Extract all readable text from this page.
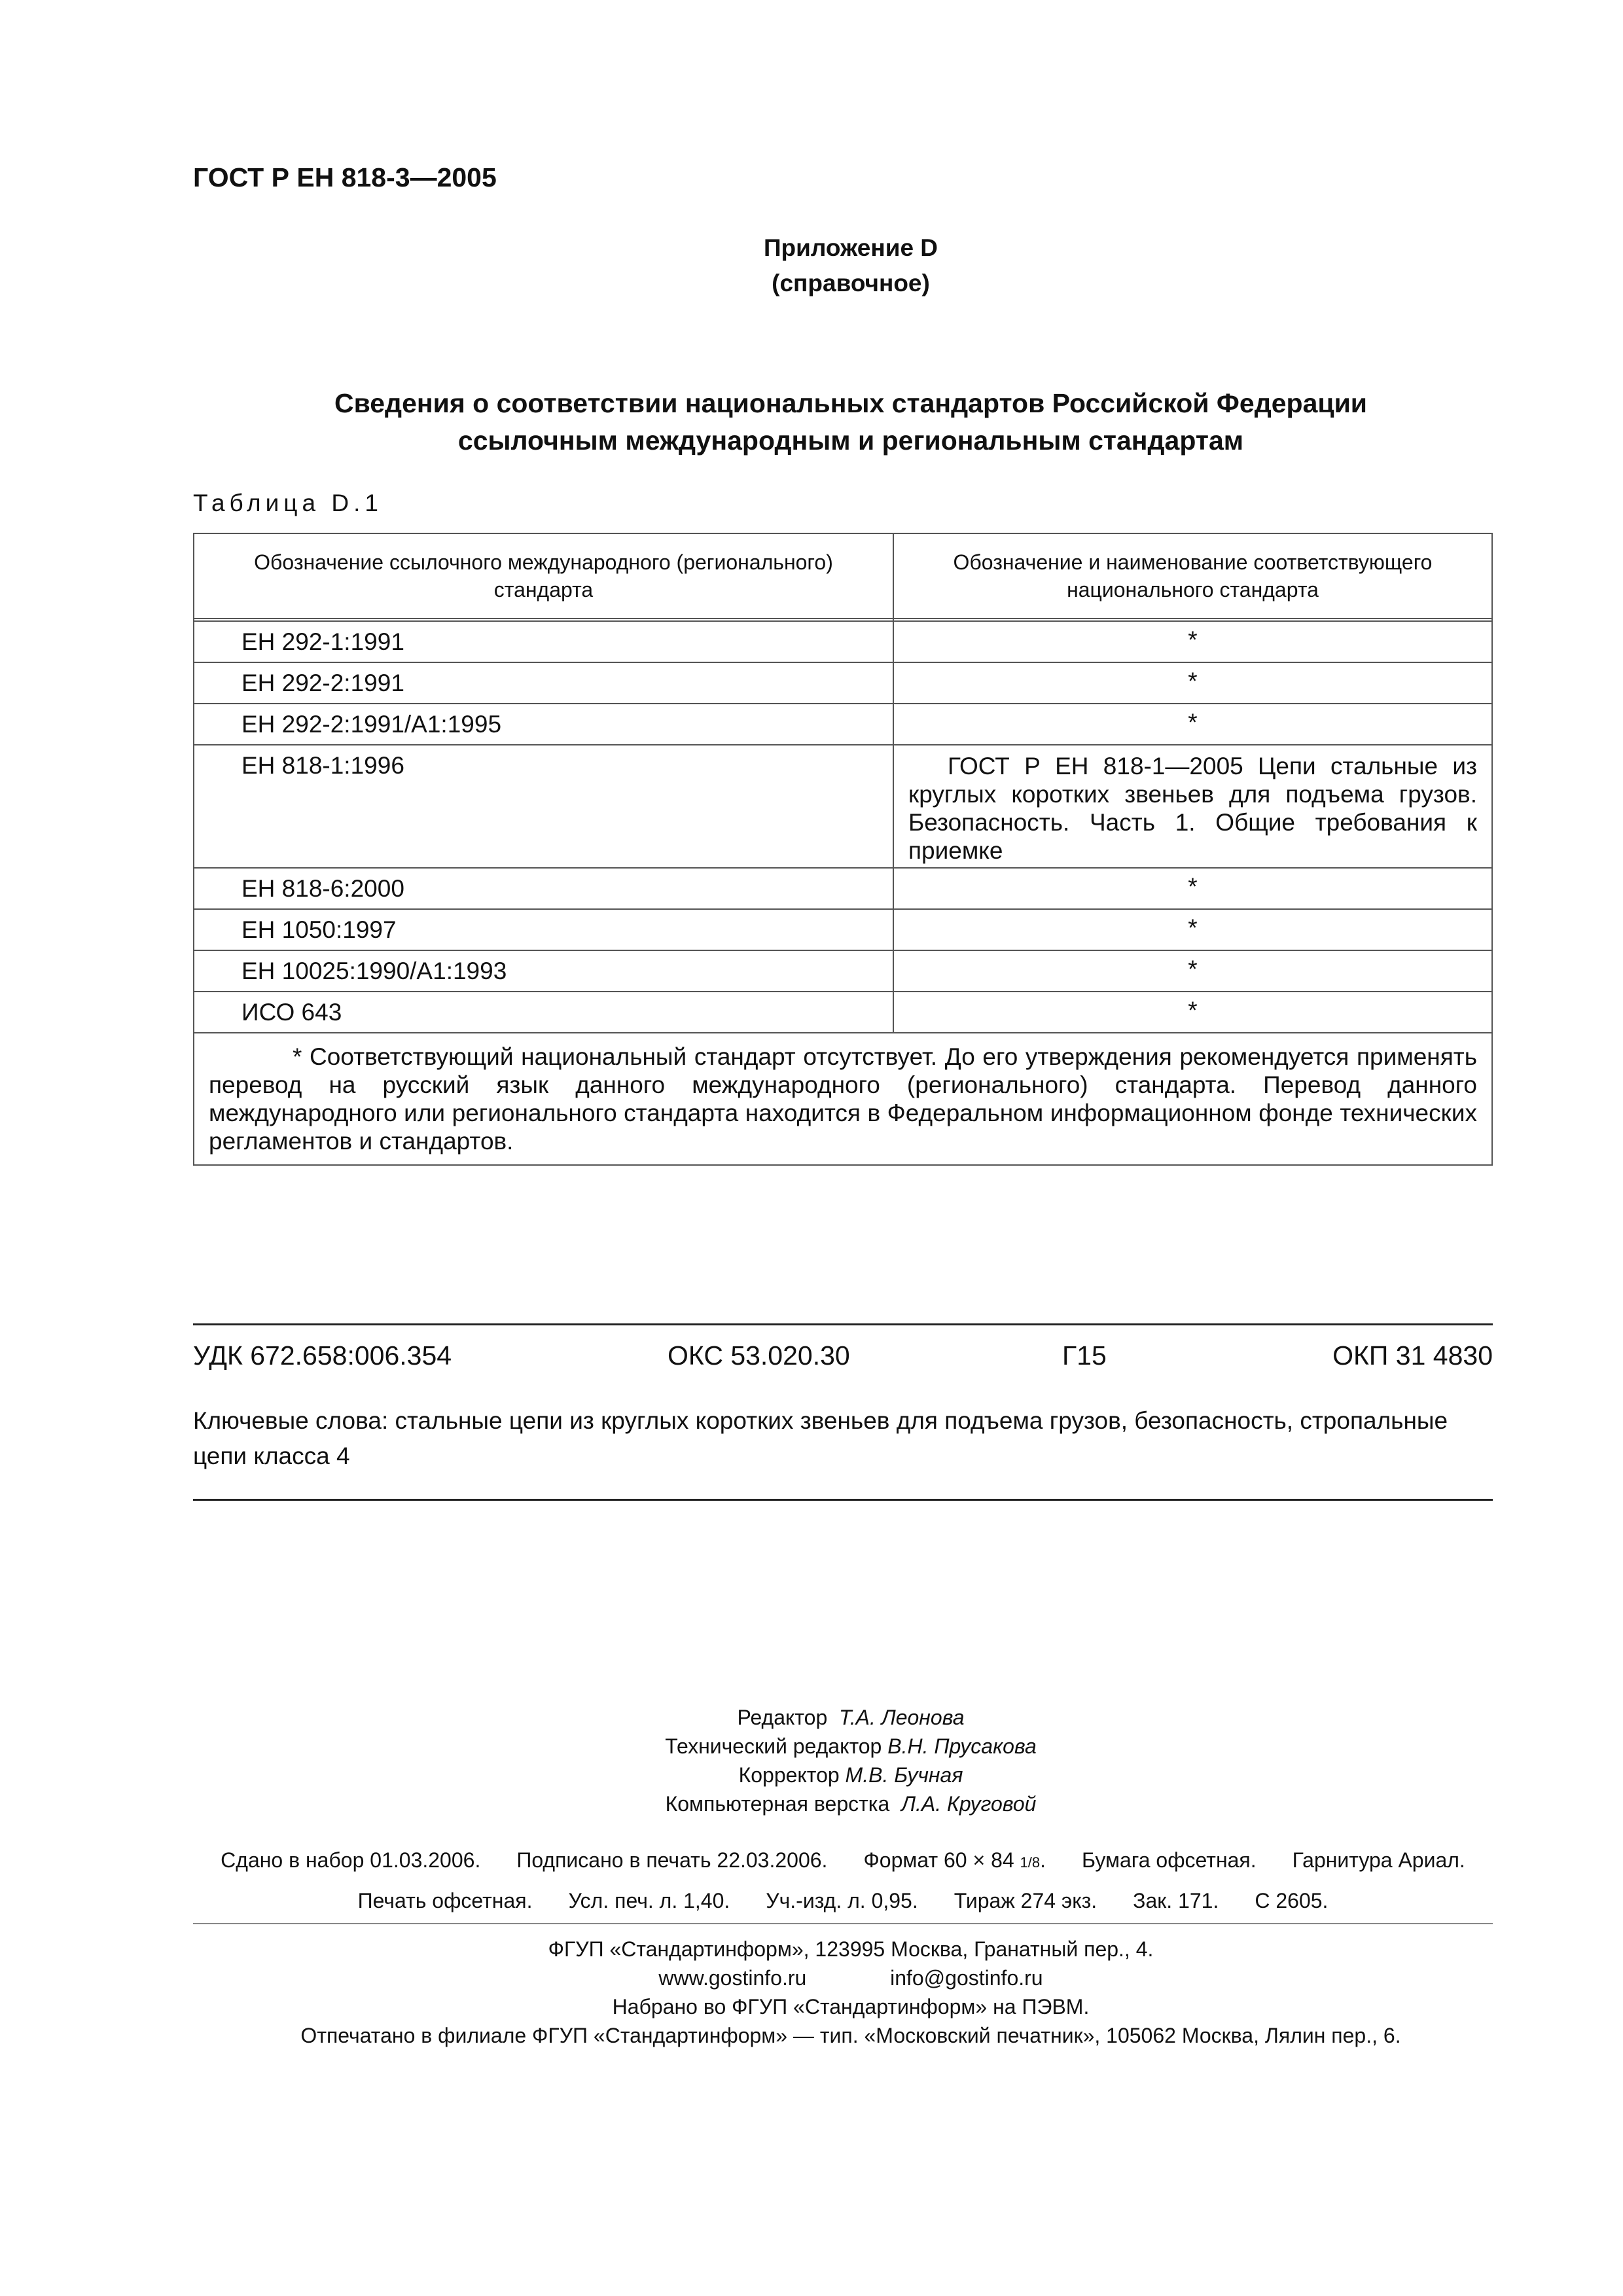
ГОСТ Р ЕН 818-3—2005
Приложение D
(справочное)
Сведения о соответствии национальных стандартов Российской Федерации
ссылочным международным и региональным стандартам
Таблица D.1
Обозначение ссылочного международного (регионального) стандарта	Обозначение и наименование соответствующего национального стандарта

ЕН 292-1:1991	*
ЕН 292-2:1991	*
ЕН 292-2:1991/А1:1995	*
ЕН 818-1:1996	ГОСТ Р ЕН 818-1—2005 Цепи стальные из круглых коротких звеньев для подъема грузов. Безопасность. Часть 1. Общие требования к приемке
ЕН 818-6:2000	*
ЕН 1050:1997	*
ЕН 10025:1990/А1:1993	*
ИСО 643	*
* Соответствующий национальный стандарт отсутствует. До его утверждения рекомендуется применять перевод на русский язык данного международного (регионального) стандарта. Перевод данного международного или регионального стандарта находится в Федеральном информационном фонде технических регламентов и стандартов.	
УДК 672.658:006.354	ОКС 53.020.30	Г15	ОКП 31 4830
Ключевые слова: стальные цепи из круглых коротких звеньев для подъема грузов, безопасность, стропальные цепи класса 4
Редактор Т.А. Леонова
Технический редактор В.Н. Прусакова
Корректор М.В. Бучная
Компьютерная верстка Л.А. Круговой
Сдано в набор 01.03.2006. Подписано в печать 22.03.2006. Формат 60 × 84 1/8. Бумага офсетная. Гарнитура Ариал.
Печать офсетная. Усл. печ. л. 1,40. Уч.-изд. л. 0,95. Тираж 274 экз. Зак. 171. С 2605.
ФГУП «Стандартинформ», 123995 Москва, Гранатный пер., 4.
www.gostinfo.ru	info@gostinfo.ru
Набрано во ФГУП «Стандартинформ» на ПЭВМ.
Отпечатано в филиале ФГУП «Стандартинформ» — тип. «Московский печатник», 105062 Москва, Лялин пер., 6.
